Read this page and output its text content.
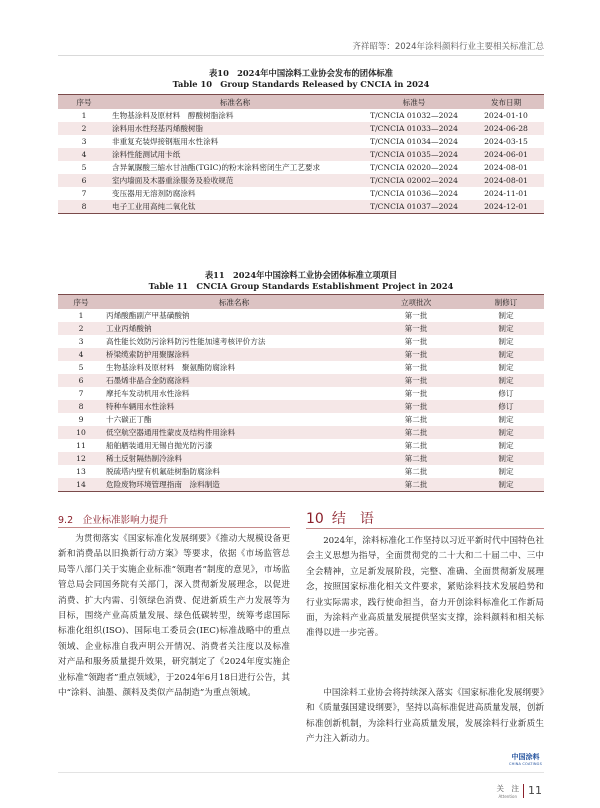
齐祥昭等：2024年涂料颜料行业主要相关标准汇总
表10　2024年中国涂料工业协会发布的团体标准
Table 10　Group Standards Released by CNCIA in 2024
序号	标准名称	标准号	发布日期
1	生物基涂料及原材料　醇酸树脂涂料	T/CNCIA 01032—2024	2024-01-10
2	涂料用水性羟基丙烯酸树脂	T/CNCIA 01033—2024	2024-06-28
3	非重复充装焊接钢瓶用水性涂料	T/CNCIA 01034—2024	2024-03-15
4	涂料性能测试用卡纸	T/CNCIA 01035—2024	2024-06-01
5	含异氰脲酸三缩水甘油酯(TGIC)的粉末涂料密闭生产工艺要求	T/CNCIA 02020—2024	2024-08-01
6	室内墙面及木器重涂服务及验收规范	T/CNCIA 02002—2024	2024-08-01
7	变压器用无溶剂防腐涂料	T/CNCIA 01036—2024	2024-11-01
8	电子工业用高纯二氧化钛	T/CNCIA 01037—2024	2024-12-01
表11　2024年中国涂料工业协会团体标准立项项目
Table 11　CNCIA Group Standards Establishment Project in 2024
序号	标准名称	立项批次	制修订
1	丙烯酸酯副产甲基磺酸钠	第一批	制定
2	工业丙烯酸钠	第一批	制定
3	高性能长效防污涂料防污性能加速考核评价方法	第一批	制定
4	桥梁缆索防护用聚脲涂料	第一批	制定
5	生物基涂料及原材料　聚氨酯防腐涂料	第一批	制定
6	石墨烯非晶合金防腐涂料	第一批	制定
7	摩托车发动机用水性涂料	第一批	修订
8	特种车辆用水性涂料	第一批	修订
9	十六碳正丁酯	第二批	制定
10	低空航空器通用性蒙皮及结构件用涂料	第二批	制定
11	船舶舾装通用无锡自抛光防污漆	第二批	制定
12	稀土反射隔热制冷涂料	第二批	制定
13	脱硫塔内壁有机氟硅树脂防腐涂料	第二批	制定
14	危险废物环境管理指南　涂料制造	第二批	制定
9.2　企业标准影响力提升

为贯彻落实《国家标准化发展纲要》《推动大规模设备更新和消费品以旧换新行动方案》等要求，依据《市场监管总局等八部门关于实施企业标准“领跑者”制度的意见》，市场监管总局会同国务院有关部门，深入贯彻新发展理念，以促进消费、扩大内需、引领绿色消费、促进新质生产力发展等为目标，围绕产业高质量发展、绿色低碳转型，统筹考虑国际标准化组织(ISO)、国际电工委员会(IEC)标准战略中的重点领域、企业标准自我声明公开情况、消费者关注度以及标准对产品和服务质量提升效果，研究制定了《2024年度实施企业标准“领跑者”重点领域》，于2024年6月18日进行公告，其中“涂料、油墨、颜料及类似产品制造”为重点领域。

10 结　语

2024年，涂料标准化工作坚持以习近平新时代中国特色社会主义思想为指导，全面贯彻党的二十大和二十届二中、三中全会精神，立足新发展阶段，完整、准确、全面贯彻新发展理念，按照国家标准化相关文件要求，紧贴涂料技术发展趋势和行业实际需求，践行使命担当，奋力开创涂料标准化工作新局面，为涂料产业高质量发展提供坚实支撑，涂料颜料和相关标准得以进一步完善。

中国涂料工业协会将持续深入落实《国家标准化发展纲要》和《质量强国建设纲要》，坚持以高标准促进高质量发展，创新标准创新机制，为涂料行业高质量发展，发展涂料行业新质生产力注入新动力。

中国涂料
CHINA COATINGS
关　注
Attention 11
